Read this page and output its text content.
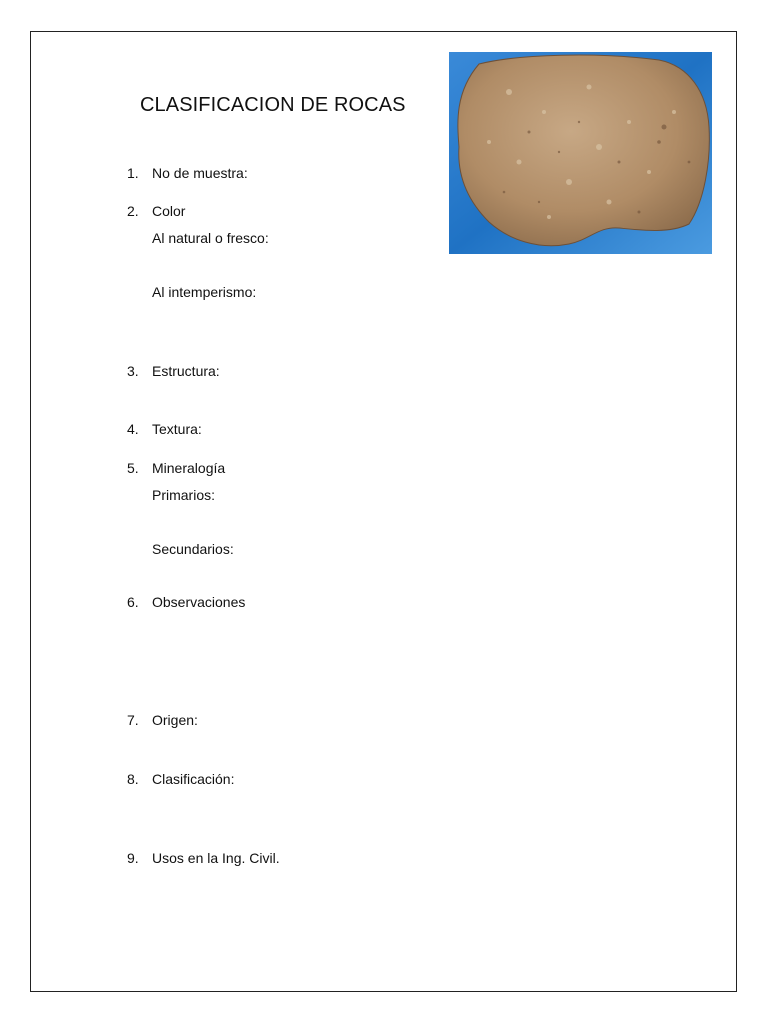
CLASIFICACION DE ROCAS
1. No de muestra:
2. Color
Al natural o fresco:
Al intemperismo:
3. Estructura:
4. Textura:
5. Mineralogía
Primarios:
Secundarios:
6. Observaciones
7. Origen:
8. Clasificación:
9. Usos en la Ing. Civil.
